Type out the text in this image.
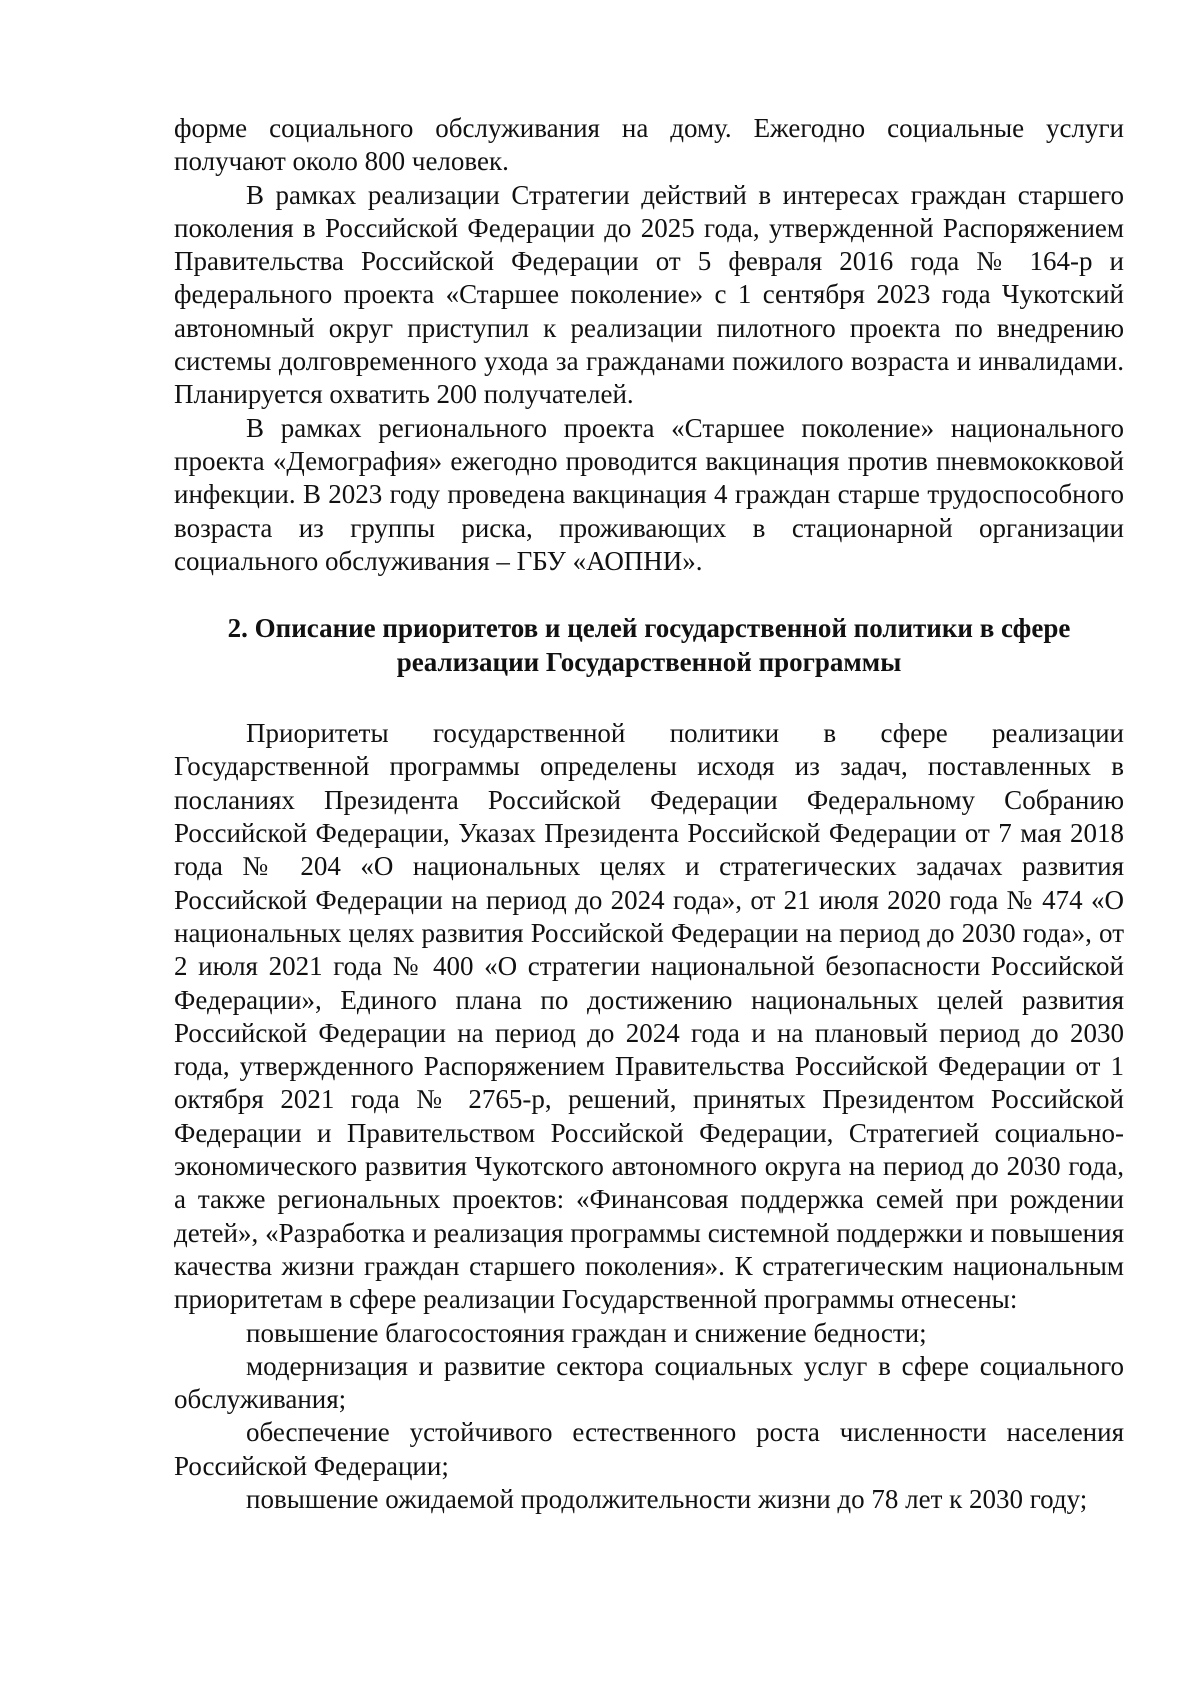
форме социального обслуживания на дому. Ежегодно социальные услуги получают около 800 человек.

В рамках реализации Стратегии действий в интересах граждан старшего поколения в Российской Федерации до 2025 года, утвержденной Распоряжением Правительства Российской Федерации от 5 февраля 2016 года № 164-р и федерального проекта «Старшее поколение» с 1 сентября 2023 года Чукотский автономный округ приступил к реализации пилотного проекта по внедрению системы долговременного ухода за гражданами пожилого возраста и инвалидами. Планируется охватить 200 получателей.

В рамках регионального проекта «Старшее поколение» национального проекта «Демография» ежегодно проводится вакцинация против пневмококковой инфекции. В 2023 году проведена вакцинация 4 граждан старше трудоспособного возраста из группы риска, проживающих в стационарной организации социального обслуживания – ГБУ «АОПНИ».

2. Описание приоритетов и целей государственной политики в сфере
реализации Государственной программы

Приоритеты государственной политики в сфере реализации Государственной программы определены исходя из задач, поставленных в посланиях Президента Российской Федерации Федеральному Собранию Российской Федерации, Указах Президента Российской Федерации от 7 мая 2018 года № 204 «О национальных целях и стратегических задачах развития Российской Федерации на период до 2024 года», от 21 июля 2020 года № 474 «О национальных целях развития Российской Федерации на период до 2030 года», от 2 июля 2021 года № 400 «О стратегии национальной безопасности Российской Федерации», Единого плана по достижению национальных целей развития Российской Федерации на период до 2024 года и на плановый период до 2030 года, утвержденного Распоряжением Правительства Российской Федерации от 1 октября 2021 года № 2765-р, решений, принятых Президентом Российской Федерации и Правительством Российской Федерации, Стратегией социально-экономического развития Чукотского автономного округа на период до 2030 года, а также региональных проектов: «Финансовая поддержка семей при рождении детей», «Разработка и реализация программы системной поддержки и повышения качества жизни граждан старшего поколения». К стратегическим национальным приоритетам в сфере реализации Государственной программы отнесены:

повышение благосостояния граждан и снижение бедности;

модернизация и развитие сектора социальных услуг в сфере социального обслуживания;

обеспечение устойчивого естественного роста численности населения Российской Федерации;

повышение ожидаемой продолжительности жизни до 78 лет к 2030 году;
